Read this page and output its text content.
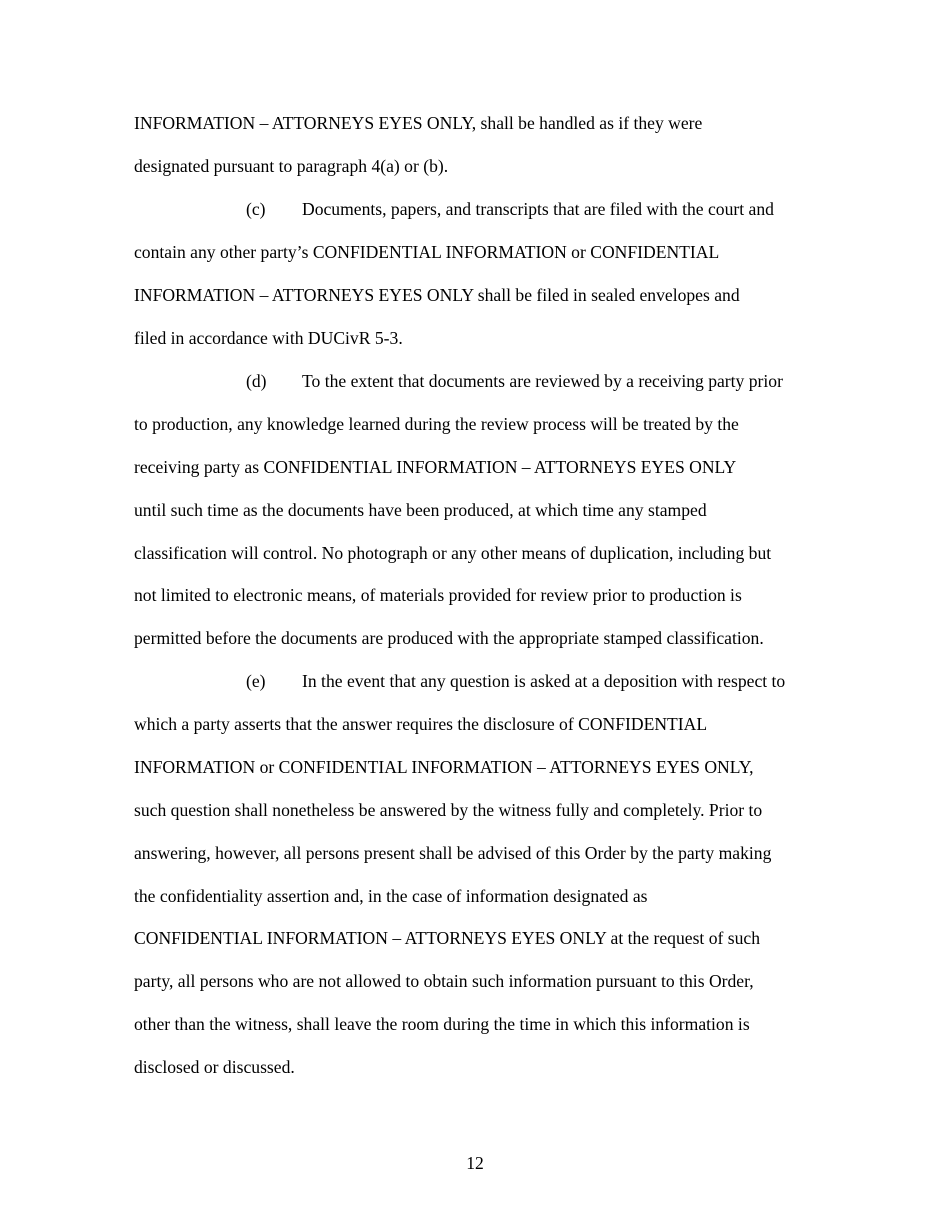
INFORMATION – ATTORNEYS EYES ONLY, shall be handled as if they were

designated pursuant to paragraph 4(a) or (b).

(c) Documents, papers, and transcripts that are filed with the court and

contain any other party’s CONFIDENTIAL INFORMATION or CONFIDENTIAL

INFORMATION – ATTORNEYS EYES ONLY shall be filed in sealed envelopes and

filed in accordance with DUCivR 5-3.

(d) To the extent that documents are reviewed by a receiving party prior

to production, any knowledge learned during the review process will be treated by the

receiving party as CONFIDENTIAL INFORMATION – ATTORNEYS EYES ONLY

until such time as the documents have been produced, at which time any stamped

classification will control. No photograph or any other means of duplication, including but

not limited to electronic means, of materials provided for review prior to production is

permitted before the documents are produced with the appropriate stamped classification.

(e) In the event that any question is asked at a deposition with respect to

which a party asserts that the answer requires the disclosure of CONFIDENTIAL

INFORMATION or CONFIDENTIAL INFORMATION – ATTORNEYS EYES ONLY,

such question shall nonetheless be answered by the witness fully and completely. Prior to

answering, however, all persons present shall be advised of this Order by the party making

the confidentiality assertion and, in the case of information designated as

CONFIDENTIAL INFORMATION – ATTORNEYS EYES ONLY at the request of such

party, all persons who are not allowed to obtain such information pursuant to this Order,

other than the witness, shall leave the room during the time in which this information is

disclosed or discussed.

12
